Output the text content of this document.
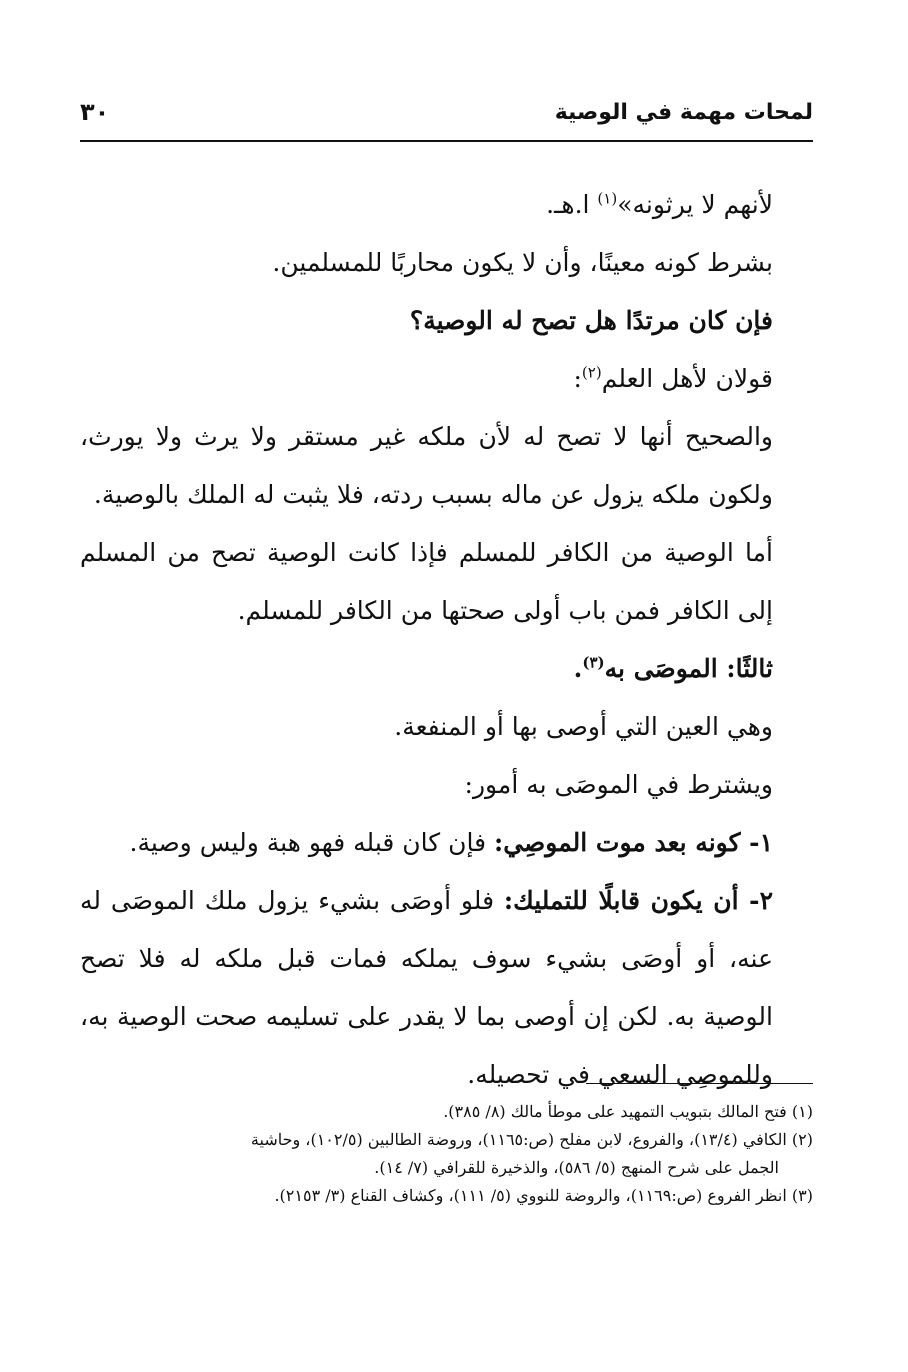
لمحات مهمة في الوصية
٣٠

لأنهم لا يرثونه»$^{(١)}$ ا.هـ.

بشرط كونه معينًا، وأن لا يكون محاربًا للمسلمين.

فإن كان مرتدًا هل تصح له الوصية؟

قولان لأهل العلم$^{(٢)}$:

والصحيح أنها لا تصح له لأن ملكه غير مستقر ولا يرث ولا يورث، ولكون ملكه يزول عن ماله بسبب ردته، فلا يثبت له الملك بالوصية.

أما الوصية من الكافر للمسلم فإذا كانت الوصية تصح من المسلم إلى الكافر فمن باب أولى صحتها من الكافر للمسلم.

ثالثًا: الموصَى به$^{(٣)}$.

وهي العين التي أوصى بها أو المنفعة.

ويشترط في الموصَى به أمور:

١- كونه بعد موت الموصِي: فإن كان قبله فهو هبة وليس وصية.

٢- أن يكون قابلًا للتمليك: فلو أوصَى بشيء يزول ملك الموصَى له عنه، أو أوصَى بشيء سوف يملكه فمات قبل ملكه له فلا تصح الوصية به. لكن إن أوصى بما لا يقدر على تسليمه صحت الوصية به، وللموصِي السعي في تحصيله.

(١) فتح المالك بتبويب التمهيد على موطأ مالك (٨/ ٣٨٥).

(٢) الكافي (١٣/٤)، والفروع، لابن مفلح (ص:١١٦٥)، وروضة الطالبين (١٠٢/٥)، وحاشية

الجمل على شرح المنهج (٥/ ٥٨٦)، والذخيرة للقرافي (٧/ ١٤).

(٣) انظر الفروع (ص:١١٦٩)، والروضة للنووي (٥/ ١١١)، وكشاف القناع (٣/ ٢١٥٣).
